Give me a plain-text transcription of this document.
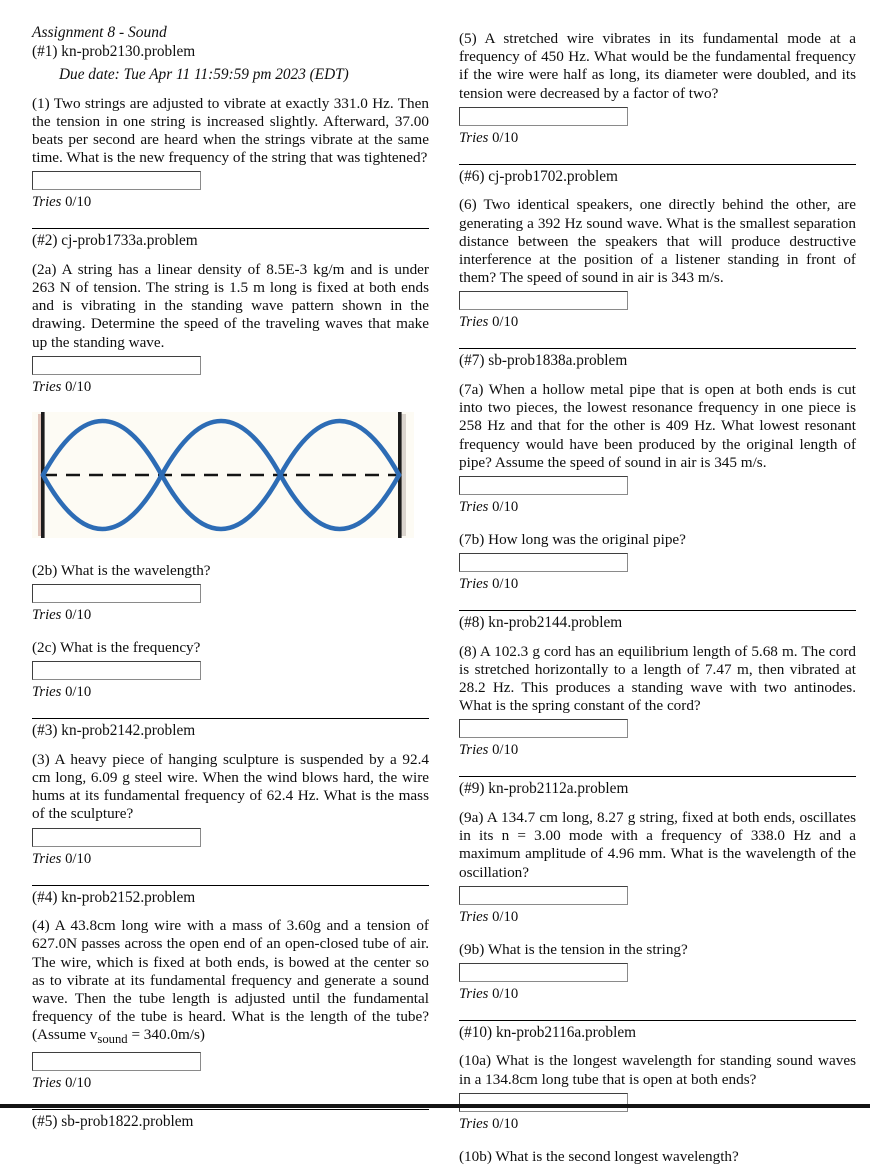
Assignment 8 - Sound
(#1) kn-prob2130.problem
Due date: Tue Apr 11 11:59:59 pm 2023 (EDT)

(1) Two strings are adjusted to vibrate at exactly 331.0 Hz. Then the tension in one string is increased slightly. Afterward, 37.00 beats per second are heard when the strings vibrate at the same time. What is the new frequency of the string that was tightened?

Tries 0/10
(#2) cj-prob1733a.problem

(2a) A string has a linear density of 8.5E-3 kg/m and is under 263 N of tension. The string is 1.5 m long is fixed at both ends and is vibrating in the standing wave pattern shown in the drawing. Determine the speed of the traveling waves that make up the standing wave.

Tries 0/10

(2b) What is the wavelength?

Tries 0/10

(2c) What is the frequency?

Tries 0/10
(#3) kn-prob2142.problem

(3) A heavy piece of hanging sculpture is suspended by a 92.4 cm long, 6.09 g steel wire. When the wind blows hard, the wire hums at its fundamental frequency of 62.4 Hz. What is the mass of the sculpture?

Tries 0/10
(#4) kn-prob2152.problem

(4) A 43.8cm long wire with a mass of 3.60g and a tension of 627.0N passes across the open end of an open-closed tube of air. The wire, which is fixed at both ends, is bowed at the center so as to vibrate at its fundamental frequency and generate a sound wave. Then the tube length is adjusted until the fundamental frequency of the tube is heard. What is the length of the tube? (Assume $v_{sound} = 340.0m/s$)

Tries 0/10
(#5) sb-prob1822.problem

(5) A stretched wire vibrates in its fundamental mode at a frequency of 450 Hz. What would be the fundamental frequency if the wire were half as long, its diameter were doubled, and its tension were decreased by a factor of two?

Tries 0/10
(#6) cj-prob1702.problem

(6) Two identical speakers, one directly behind the other, are generating a 392 Hz sound wave. What is the smallest separation distance between the speakers that will produce destructive interference at the position of a listener standing in front of them? The speed of sound in air is 343 m/s.

Tries 0/10
(#7) sb-prob1838a.problem

(7a) When a hollow metal pipe that is open at both ends is cut into two pieces, the lowest resonance frequency in one piece is 258 Hz and that for the other is 409 Hz. What lowest resonant frequency would have been produced by the original length of pipe? Assume the speed of sound in air is 345 m/s.

Tries 0/10

(7b) How long was the original pipe?

Tries 0/10
(#8) kn-prob2144.problem

(8) A 102.3 g cord has an equilibrium length of 5.68 m. The cord is stretched horizontally to a length of 7.47 m, then vibrated at 28.2 Hz. This produces a standing wave with two antinodes. What is the spring constant of the cord?

Tries 0/10
(#9) kn-prob2112a.problem

(9a) A 134.7 cm long, 8.27 g string, fixed at both ends, oscillates in its n = 3.00 mode with a frequency of 338.0 Hz and a maximum amplitude of 4.96 mm. What is the wavelength of the oscillation?

Tries 0/10

(9b) What is the tension in the string?

Tries 0/10
(#10) kn-prob2116a.problem

(10a) What is the longest wavelength for standing sound waves in a 134.8cm long tube that is open at both ends?

Tries 0/10

(10b) What is the second longest wavelength?
